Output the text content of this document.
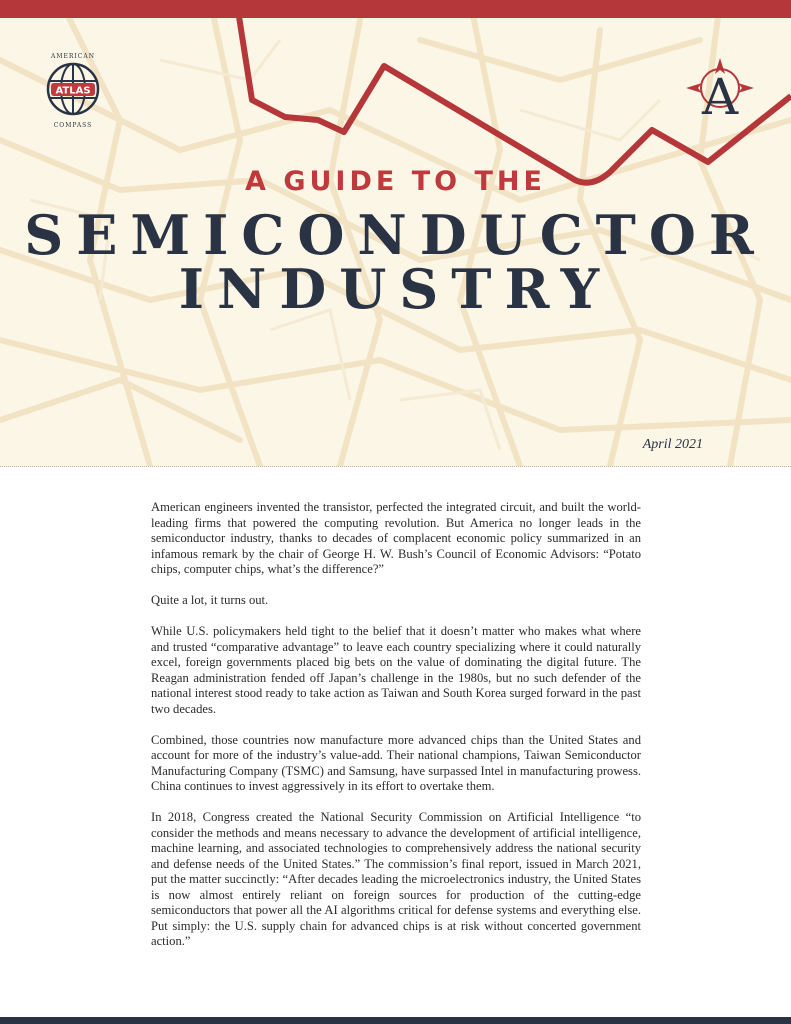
ATLAS
AMERICAN
COMPASS	A
A GUIDE TO THE
SEMICONDUCTOR
INDUSTRY
April 2021

American engineers invented the transistor, perfected the integrated circuit, and built the world-leading firms that powered the computing revolution. But America no longer leads in the semiconductor industry, thanks to decades of complacent economic policy summarized in an infamous remark by the chair of George H. W. Bush’s Council of Economic Advisors: “Potato chips, computer chips, what’s the difference?”

Quite a lot, it turns out.

While U.S. policymakers held tight to the belief that it doesn’t matter who makes what where and trusted “comparative advantage” to leave each country specializing where it could naturally excel, foreign governments placed big bets on the value of dominating the digital future. The Reagan administration fended off Japan’s challenge in the 1980s, but no such defender of the national interest stood ready to take action as Taiwan and South Korea surged forward in the past two decades.

Combined, those countries now manufacture more advanced chips than the United States and account for more of the industry’s value-add. Their national champions, Taiwan Semiconductor Manufacturing Company (TSMC) and Samsung, have surpassed Intel in manufacturing prowess. China continues to invest aggressively in its effort to overtake them.

In 2018, Congress created the National Security Commission on Artificial Intelligence “to consider the methods and means necessary to advance the development of artificial intelligence, machine learning, and associated technologies to comprehensively address the national security and defense needs of the United States.” The commission’s final report, issued in March 2021, put the matter succinctly: “After decades leading the microelectronics industry, the United States is now almost entirely reliant on foreign sources for production of the cutting-edge semiconductors that power all the AI algorithms critical for defense systems and everything else. Put simply: the U.S. supply chain for advanced chips is at risk without concerted government action.”
